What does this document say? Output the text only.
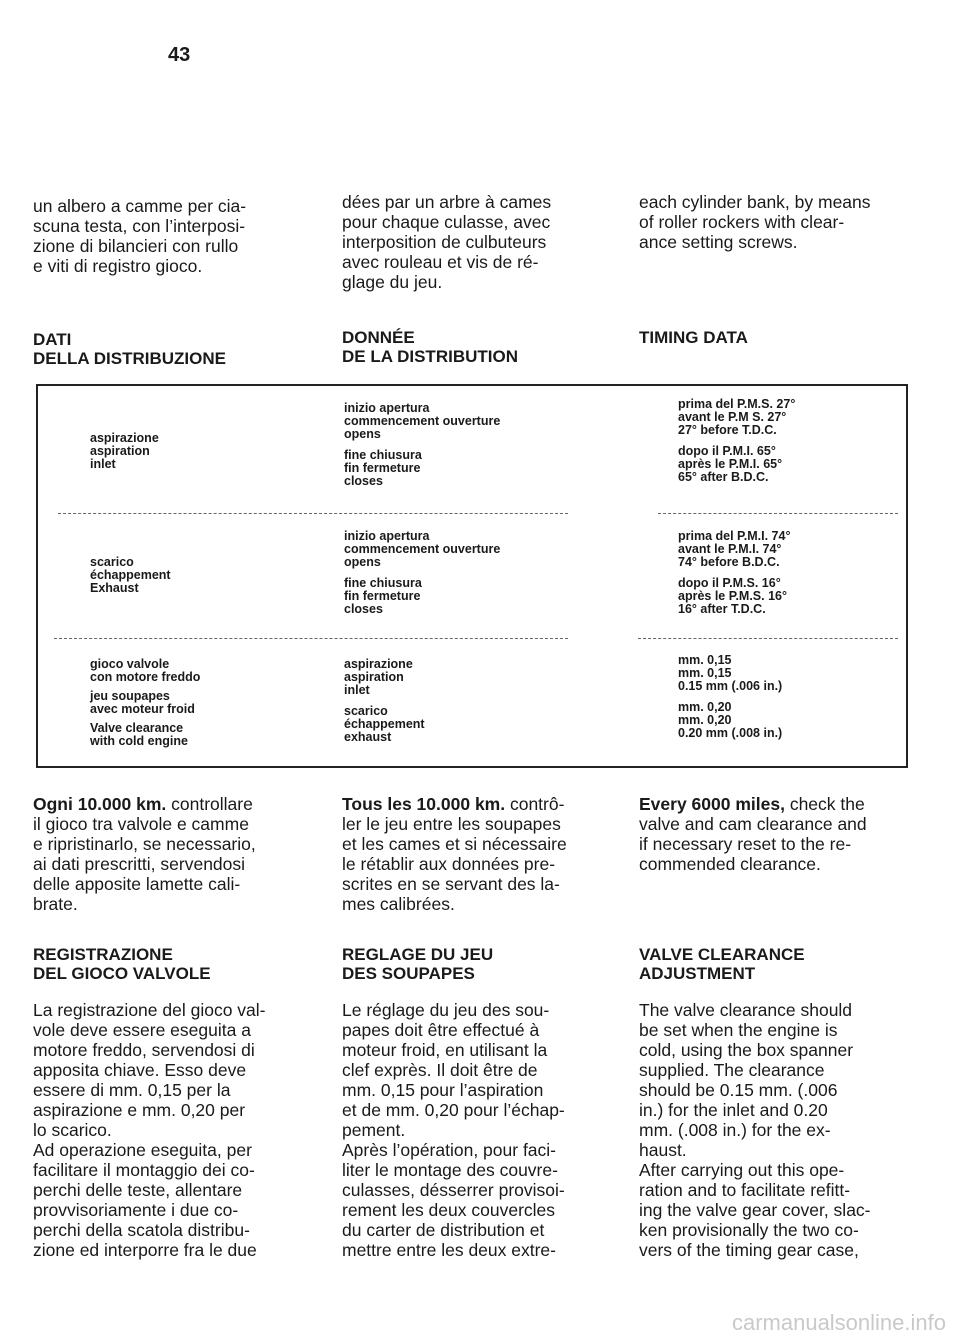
43
un albero a camme per cia-
scuna testa, con l’interposi-
zione di bilancieri con rullo
e viti di registro gioco.
dées par un arbre à cames
pour chaque culasse, avec
interposition de culbuteurs
avec rouleau et vis de ré-
glage du jeu.
each cylinder bank, by means
of roller rockers with clear-
ance setting screws.
DATI
DELLA DISTRIBUZIONE
DONNÉE
DE LA DISTRIBUTION
TIMING DATA
aspirazione
aspiration
inlet
inizio apertura
commencement ouverture
opens
fine chiusura
fin fermeture
closes
prima del P.M.S. 27°
avant le P.M S. 27°
27° before T.D.C.
dopo il P.M.I. 65°
après le P.M.I. 65°
65° after B.D.C.
scarico
échappement
Exhaust
inizio apertura
commencement ouverture
opens
fine chiusura
fin fermeture
closes
prima del P.M.I. 74°
avant le P.M.I. 74°
74° before B.D.C.
dopo il P.M.S. 16°
après le P.M.S. 16°
16° after T.D.C.
gioco valvole
con motore freddo
jeu soupapes
avec moteur froid
Valve clearance
with cold engine
aspirazione
aspiration
inlet
scarico
échappement
exhaust
mm. 0,15
mm. 0,15
0.15 mm (.006 in.)
mm. 0,20
mm. 0,20
0.20 mm (.008 in.)
Ogni 10.000 km. controllare
il gioco tra valvole e camme
e ripristinarlo, se necessario,
ai dati prescritti, servendosi
delle apposite lamette cali-
brate.
Tous les 10.000 km. contrô-
ler le jeu entre les soupapes
et les cames et si nécessaire
le rétablir aux données pre-
scrites en se servant des la-
mes calibrées.
Every 6000 miles, check the
valve and cam clearance and
if necessary reset to the re-
commended clearance.
REGISTRAZIONE
DEL GIOCO VALVOLE
REGLAGE DU JEU
DES SOUPAPES
VALVE CLEARANCE
ADJUSTMENT
La registrazione del gioco val-
vole deve essere eseguita a
motore freddo, servendosi di
apposita chiave. Esso deve
essere di mm. 0,15 per la
aspirazione e mm. 0,20 per
lo scarico.
Ad operazione eseguita, per
facilitare il montaggio dei co-
perchi delle teste, allentare
provvisoriamente i due co-
perchi della scatola distribu-
zione ed interporre fra le due
Le réglage du jeu des sou-
papes doit être effectué à
moteur froid, en utilisant la
clef exprès. Il doit être de
mm. 0,15 pour l’aspiration
et de mm. 0,20 pour l’échap-
pement.
Après l’opération, pour faci-
liter le montage des couvre-
culasses, désserrer provisoi-
rement les deux couvercles
du carter de distribution et
mettre entre les deux extre-
The valve clearance should
be set when the engine is
cold, using the box spanner
supplied. The clearance
should be 0.15 mm. (.006
in.) for the inlet and 0.20
mm. (.008 in.) for the ex-
haust.
After carrying out this ope-
ration and to facilitate refitt-
ing the valve gear cover, slac-
ken provisionally the two co-
vers of the timing gear case,
carmanualsonline.info
